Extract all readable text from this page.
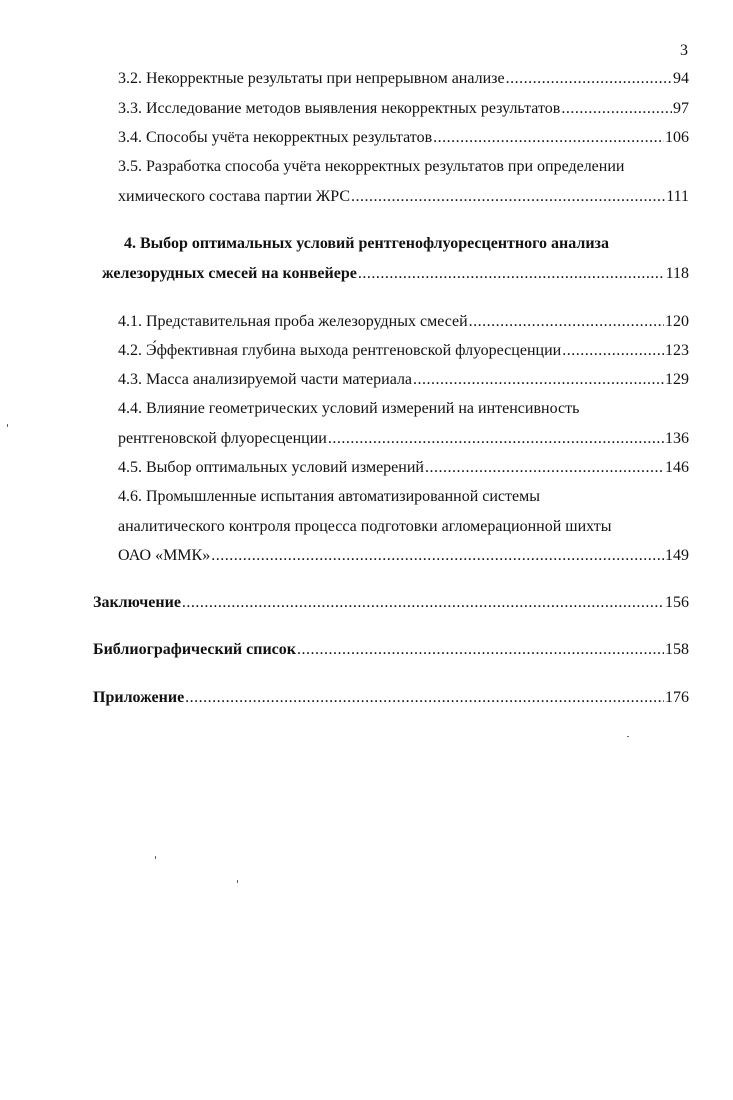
3
3.2. Некорректные результаты при непрерывном анализе .....	94
3.3. Исследование методов выявления некорректных результатов .....	97
3.4. Способы учёта некорректных результатов .....	106
3.5. Разработка способа учёта некорректных результатов при определении
химического состава партии ЖРС .....	111
4. Выбор оптимальных условий рентгенофлуоресцентного анализа
железорудных смесей на конвейере .....	118
4.1. Представительная проба железорудных смесей .....	120
4.2. Э́ффективная глубина выхода рентгеновской флуоресценции .....	123
4.3. Масса анализируемой части материала .....	129
4.4. Влияние геометрических условий измерений на интенсивность
рентгеновской флуоресценции .....	136
4.5. Выбор оптимальных условий измерений .....	146
4.6. Промышленные испытания автоматизированной системы
аналитического контроля процесса подготовки агломерационной шихты
ОАО «ММК» .....	149
Заключение .....	156
Библиографический список .....	158
Приложение .....	176
